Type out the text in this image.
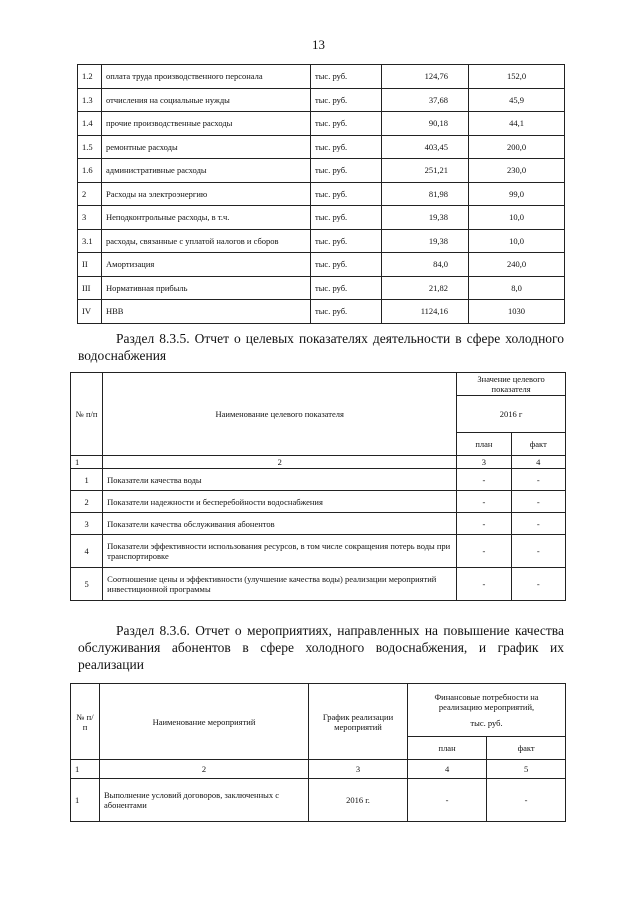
13
1.2	оплата труда производственного персонала	тыс. руб.	124,76	152,0
1.3	отчисления на социальные нужды	тыс. руб.	37,68	45,9
1.4	прочие производственные расходы	тыс. руб.	90,18	44,1
1.5	ремонтные расходы	тыс. руб.	403,45	200,0
1.6	административные расходы	тыс. руб.	251,21	230,0
2	Расходы на электроэнергию	тыс. руб.	81,98	99,0
3	Неподконтрольные расходы, в т.ч.	тыс. руб.	19,38	10,0
3.1	расходы, связанные с уплатой налогов и сборов	тыс. руб.	19,38	10,0
II	Амортизация	тыс. руб.	84,0	240,0
III	Нормативная прибыль	тыс. руб.	21,82	8,0
IV	НВВ	тыс. руб.	1124,16	1030
Раздел 8.3.5. Отчет о целевых показателях деятельности в сфере холодного водоснабжения
№ п/п	Наименование целевого показателя	Значение целевого показателя	
		2016 г	
		план	факт
1	2	3	4
1	Показатели качества воды	-	-
2	Показатели надежности и бесперебойности водоснабжения	-	-
3	Показатели качества обслуживания абонентов	-	-
4	Показатели эффективности использования ресурсов, в том числе сокращения потерь воды при транспортировке	-	-
5	Соотношение цены и эффективности (улучшение качества воды) реализации мероприятий инвестиционной программы	-	-
Раздел 8.3.6. Отчет о мероприятиях, направленных на повышение качества обслуживания абонентов в сфере холодного водоснабжения, и график их реализации
№ п/п	Наименование мероприятий	График реализации мероприятий	Финансовые потребности на реализацию мероприятий,
тыс. руб.	

			план	факт
1	2	3	4	5
1	Выполнение условий договоров, заключенных с абонентами	2016 г.	-	-
